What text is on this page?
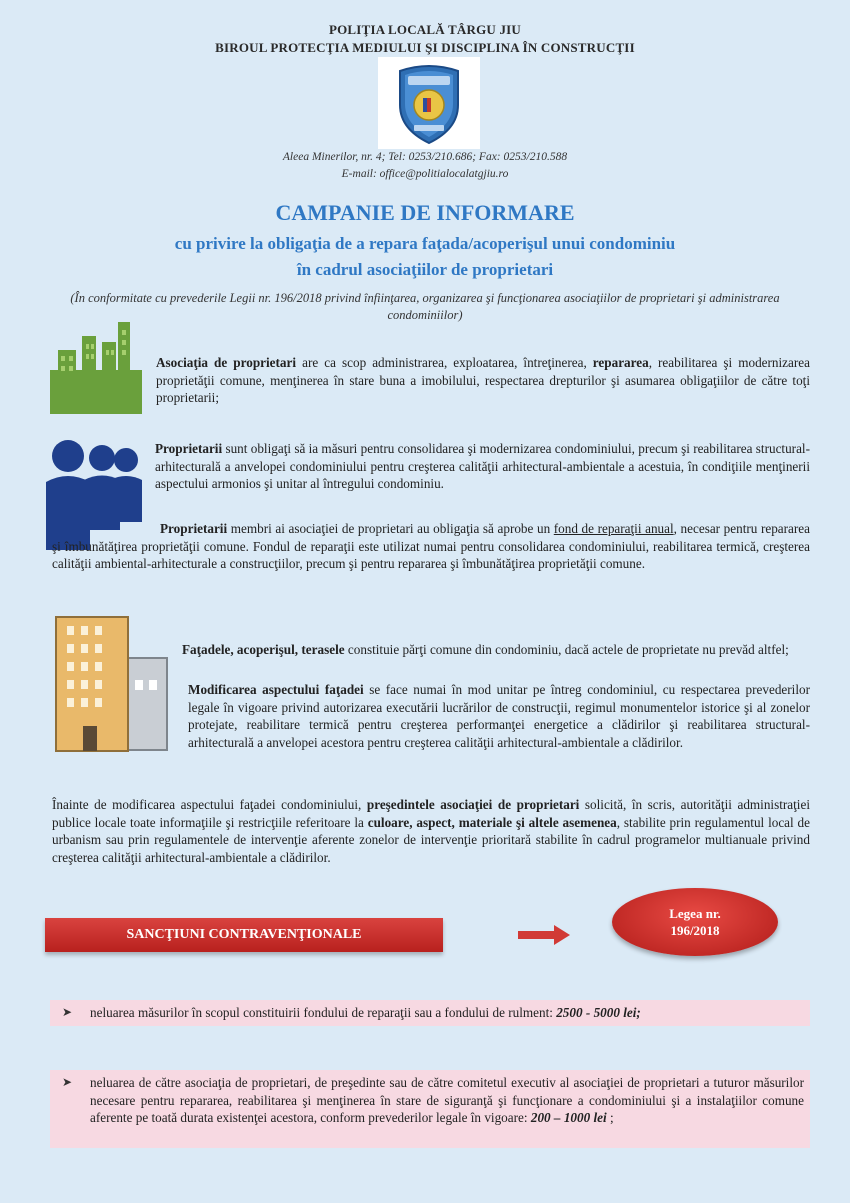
POLIŢIA LOCALĂ TÂRGU JIU
BIROUL PROTECŢIA MEDIULUI ŞI DISCIPLINA ÎN CONSTRUCŢII
Aleea Minerilor, nr. 4; Tel: 0253/210.686; Fax: 0253/210.588
E-mail: office@politialocalatgjiu.ro
CAMPANIE DE INFORMARE
cu privire la obligaţia de a repara faţada/acoperişul unui condominiu
în cadrul asociaţiilor de proprietari
(În conformitate cu prevederile Legii nr. 196/2018 privind înfiinţarea, organizarea şi funcţionarea asociaţiilor de proprietari şi administrarea condominiilor)
Asociaţia de proprietari are ca scop administrarea, exploatarea, întreţinerea, repararea, reabilitarea şi modernizarea proprietăţii comune, menţinerea în stare buna a imobilului, respectarea drepturilor şi asumarea obligaţiilor de către toţi proprietarii;
Proprietarii sunt obligaţi să ia măsuri pentru consolidarea şi modernizarea condominiului, precum şi reabilitarea structural-arhitecturală a anvelopei condominiului pentru creşterea calităţii arhitectural-ambientale a acestuia, în condiţiile menţinerii aspectului armonios şi unitar al întregului condominiu.
Proprietarii membri ai asociaţiei de proprietari au obligaţia să aprobe un fond de reparaţii anual, necesar pentru repararea şi îmbunătăţirea proprietăţii comune. Fondul de reparaţii este utilizat numai pentru consolidarea condominiului, reabilitarea termică, creşterea calităţii ambiental-arhitecturale a construcţiilor, precum şi pentru repararea şi îmbunătăţirea proprietăţii comune.
Faţadele, acoperişul, terasele constituie părţi comune din condominiu, dacă actele de proprietate nu prevăd altfel;
Modificarea aspectului faţadei se face numai în mod unitar pe întreg condominiul, cu respectarea prevederilor legale în vigoare privind autorizarea executării lucrărilor de construcţii, regimul monumentelor istorice şi al zonelor protejate, reabilitare termică pentru creşterea performanţei energetice a clădirilor şi reabilitarea structural-arhitecturală a anvelopei acestora pentru creşterea calităţii arhitectural-ambientale a clădirilor.
Înainte de modificarea aspectului faţadei condominiului, preşedintele asociaţiei de proprietari solicită, în scris, autorităţii administraţiei publice locale toate informaţiile şi restricţiile referitoare la culoare, aspect, materiale şi altele asemenea, stabilite prin regulamentul local de urbanism sau prin regulamentele de intervenţie aferente zonelor de intervenţie prioritară stabilite în cadrul programelor multianuale privind creşterea calităţii arhitectural-ambientale a clădirilor.
SANCŢIUNI CONTRAVENŢIONALE
Legea nr.
196/2018
➤ neluarea măsurilor în scopul constituirii fondului de reparaţii sau a fondului de rulment: 2500 - 5000 lei;
➤ neluarea de către asociaţia de proprietari, de preşedinte sau de către comitetul executiv al asociaţiei de proprietari a tuturor măsurilor necesare pentru repararea, reabilitarea şi menţinerea în stare de siguranţă şi funcţionare a condominiului şi a instalaţiilor comune aferente pe toată durata existenţei acestora, conform prevederilor legale în vigoare: 200 – 1000 lei ;
